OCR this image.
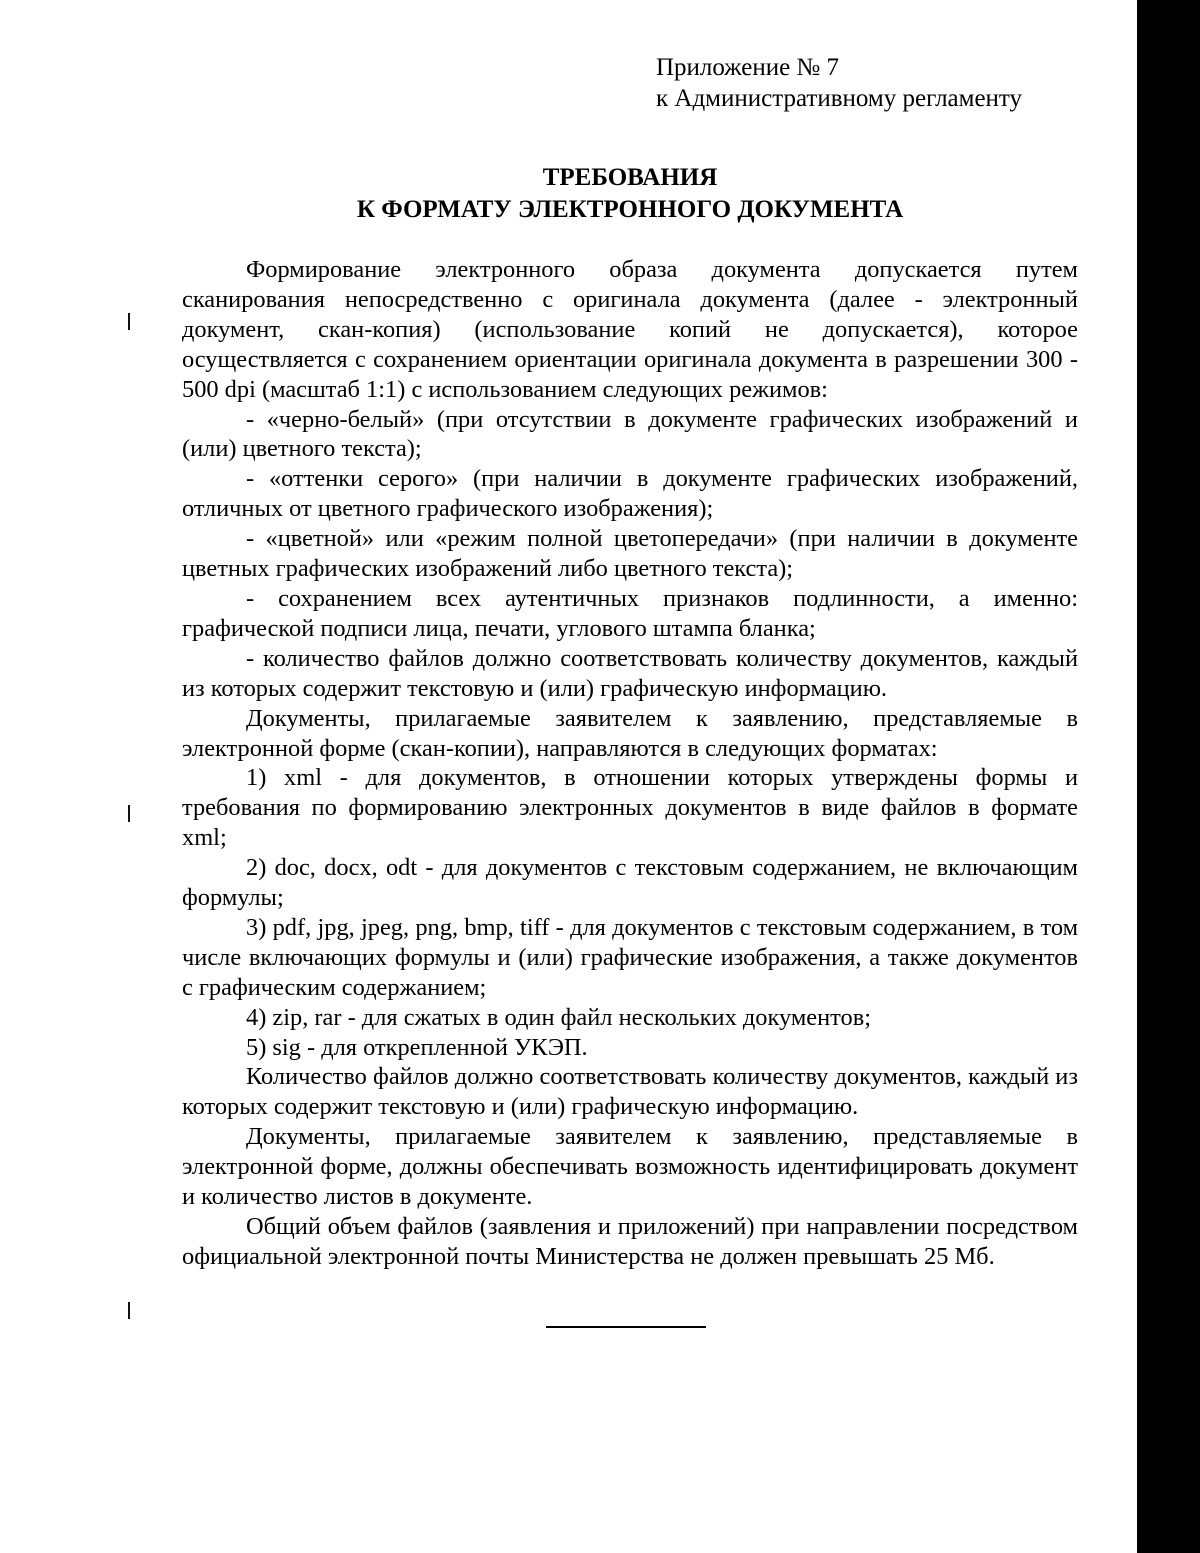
Приложение № 7
к Административному регламенту
ТРЕБОВАНИЯ
К ФОРМАТУ ЭЛЕКТРОННОГО ДОКУМЕНТА

Формирование электронного образа документа допускается путем сканирования непосредственно с оригинала документа (далее - электронный документ, скан-копия) (использование копий не допускается), которое осуществляется с сохранением ориентации оригинала документа в разрешении 300 - 500 dpi (масштаб 1:1) с использованием следующих режимов:

- «черно-белый» (при отсутствии в документе графических изображений и (или) цветного текста);

- «оттенки серого» (при наличии в документе графических изображений, отличных от цветного графического изображения);

- «цветной» или «режим полной цветопередачи» (при наличии в документе цветных графических изображений либо цветного текста);

- сохранением всех аутентичных признаков подлинности, а именно: графической подписи лица, печати, углового штампа бланка;

- количество файлов должно соответствовать количеству документов, каждый из которых содержит текстовую и (или) графическую информацию.

Документы, прилагаемые заявителем к заявлению, представляемые в электронной форме (скан-копии), направляются в следующих форматах:

1) xml - для документов, в отношении которых утверждены формы и требования по формированию электронных документов в виде файлов в формате xml;

2) doc, docx, odt - для документов с текстовым содержанием, не включающим формулы;

3) pdf, jpg, jpeg, png, bmp, tiff - для документов с текстовым содержанием, в том числе включающих формулы и (или) графические изображения, а также документов с графическим содержанием;

4) zip, rar - для сжатых в один файл нескольких документов;

5) sig - для открепленной УКЭП.

Количество файлов должно соответствовать количеству документов, каждый из которых содержит текстовую и (или) графическую информацию.

Документы, прилагаемые заявителем к заявлению, представляемые в электронной форме, должны обеспечивать возможность идентифицировать документ и количество листов в документе.

Общий объем файлов (заявления и приложений) при направлении посредством официальной электронной почты Министерства не должен превышать 25 Мб.
